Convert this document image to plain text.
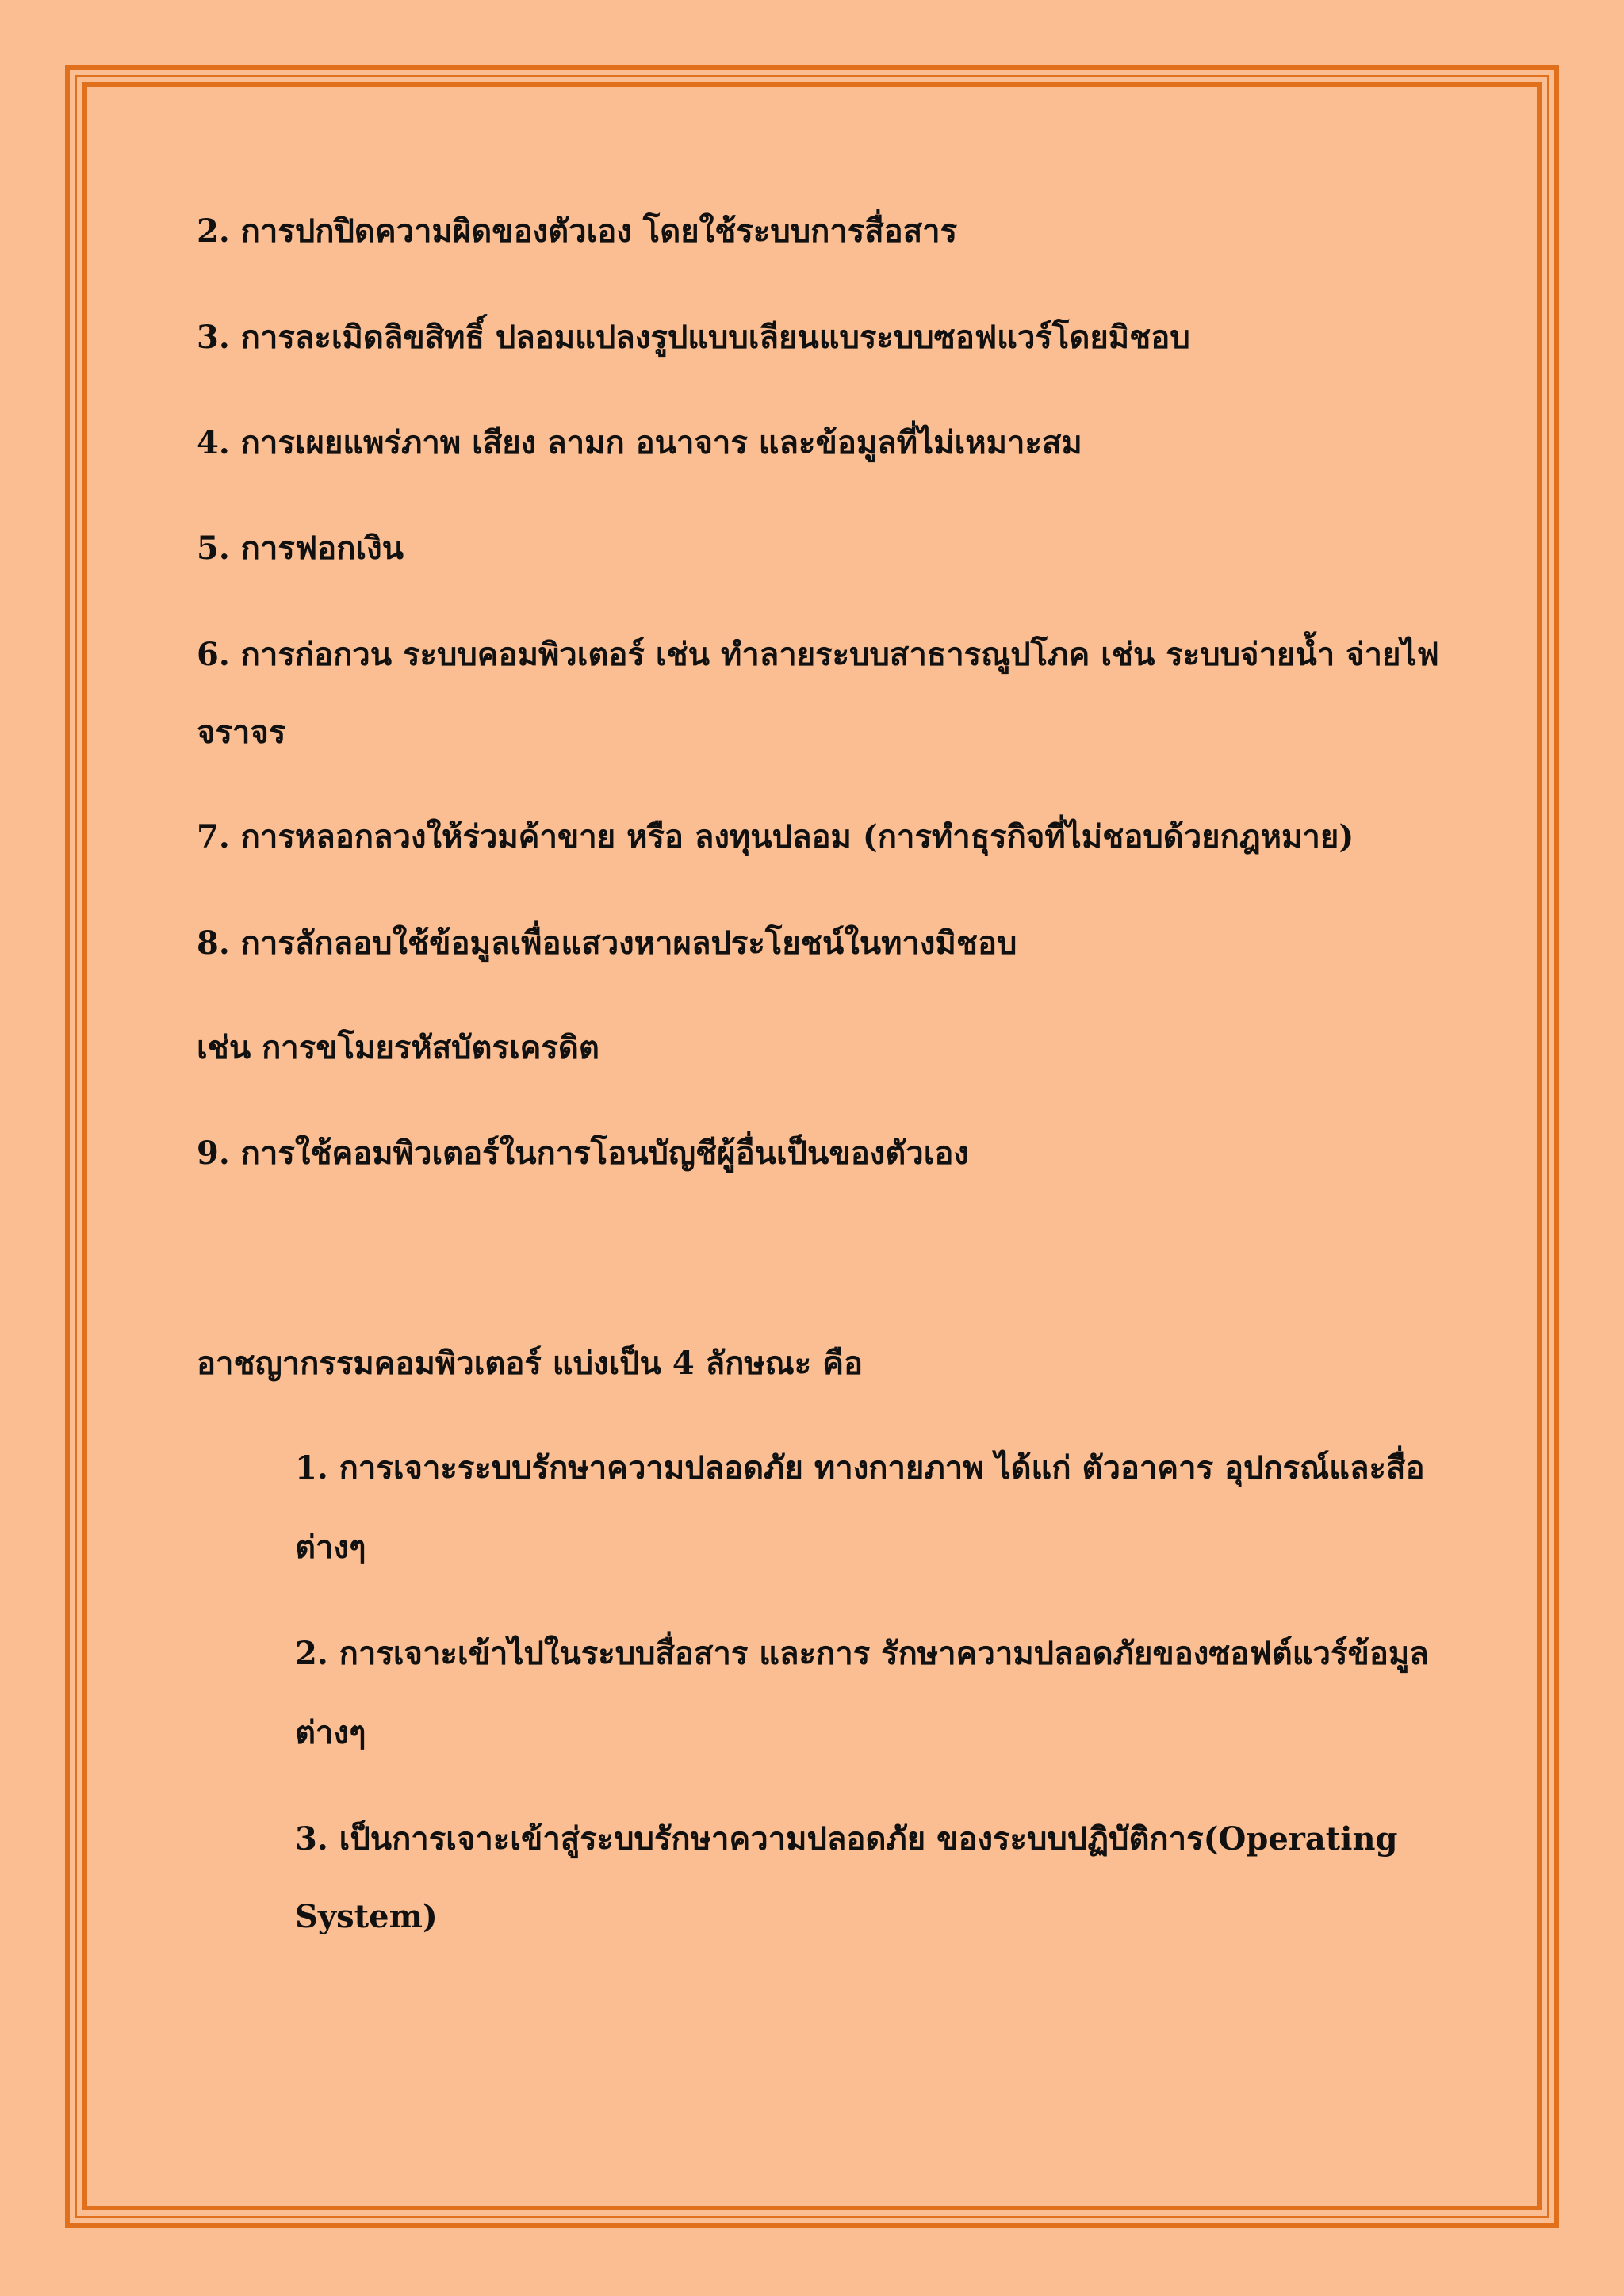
2. การปกปิดความผิดของตัวเอง โดยใช้ระบบการสื่อสาร
3. การละเมิดลิขสิทธิ์ ปลอมแปลงรูปแบบเลียนแบระบบซอฟแวร์โดยมิชอบ
4. การเผยแพร่ภาพ เสียง ลามก อนาจาร และข้อมูลที่ไม่เหมาะสม
5. การฟอกเงิน
6. การก่อกวน ระบบคอมพิวเตอร์ เช่น ทำลายระบบสาธารณูปโภค เช่น ระบบจ่ายน้ำ จ่ายไฟ
จราจร
7. การหลอกลวงให้ร่วมค้าขาย หรือ ลงทุนปลอม (การทำธุรกิจที่ไม่ชอบด้วยกฎหมาย)
8. การลักลอบใช้ข้อมูลเพื่อแสวงหาผลประโยชน์ในทางมิชอบ
เช่น การขโมยรหัสบัตรเครดิต
9. การใช้คอมพิวเตอร์ในการโอนบัญชีผู้อื่นเป็นของตัวเอง
อาชญากรรมคอมพิวเตอร์ แบ่งเป็น 4 ลักษณะ คือ
1. การเจาะระบบรักษาความปลอดภัย ทางกายภาพ ได้แก่ ตัวอาคาร อุปกรณ์และสื่อ
ต่างๆ
2. การเจาะเข้าไปในระบบสื่อสาร และการ รักษาความปลอดภัยของซอฟต์แวร์ข้อมูล
ต่างๆ
3. เป็นการเจาะเข้าสู่ระบบรักษาความปลอดภัย ของระบบปฏิบัติการ(Operating
System)
